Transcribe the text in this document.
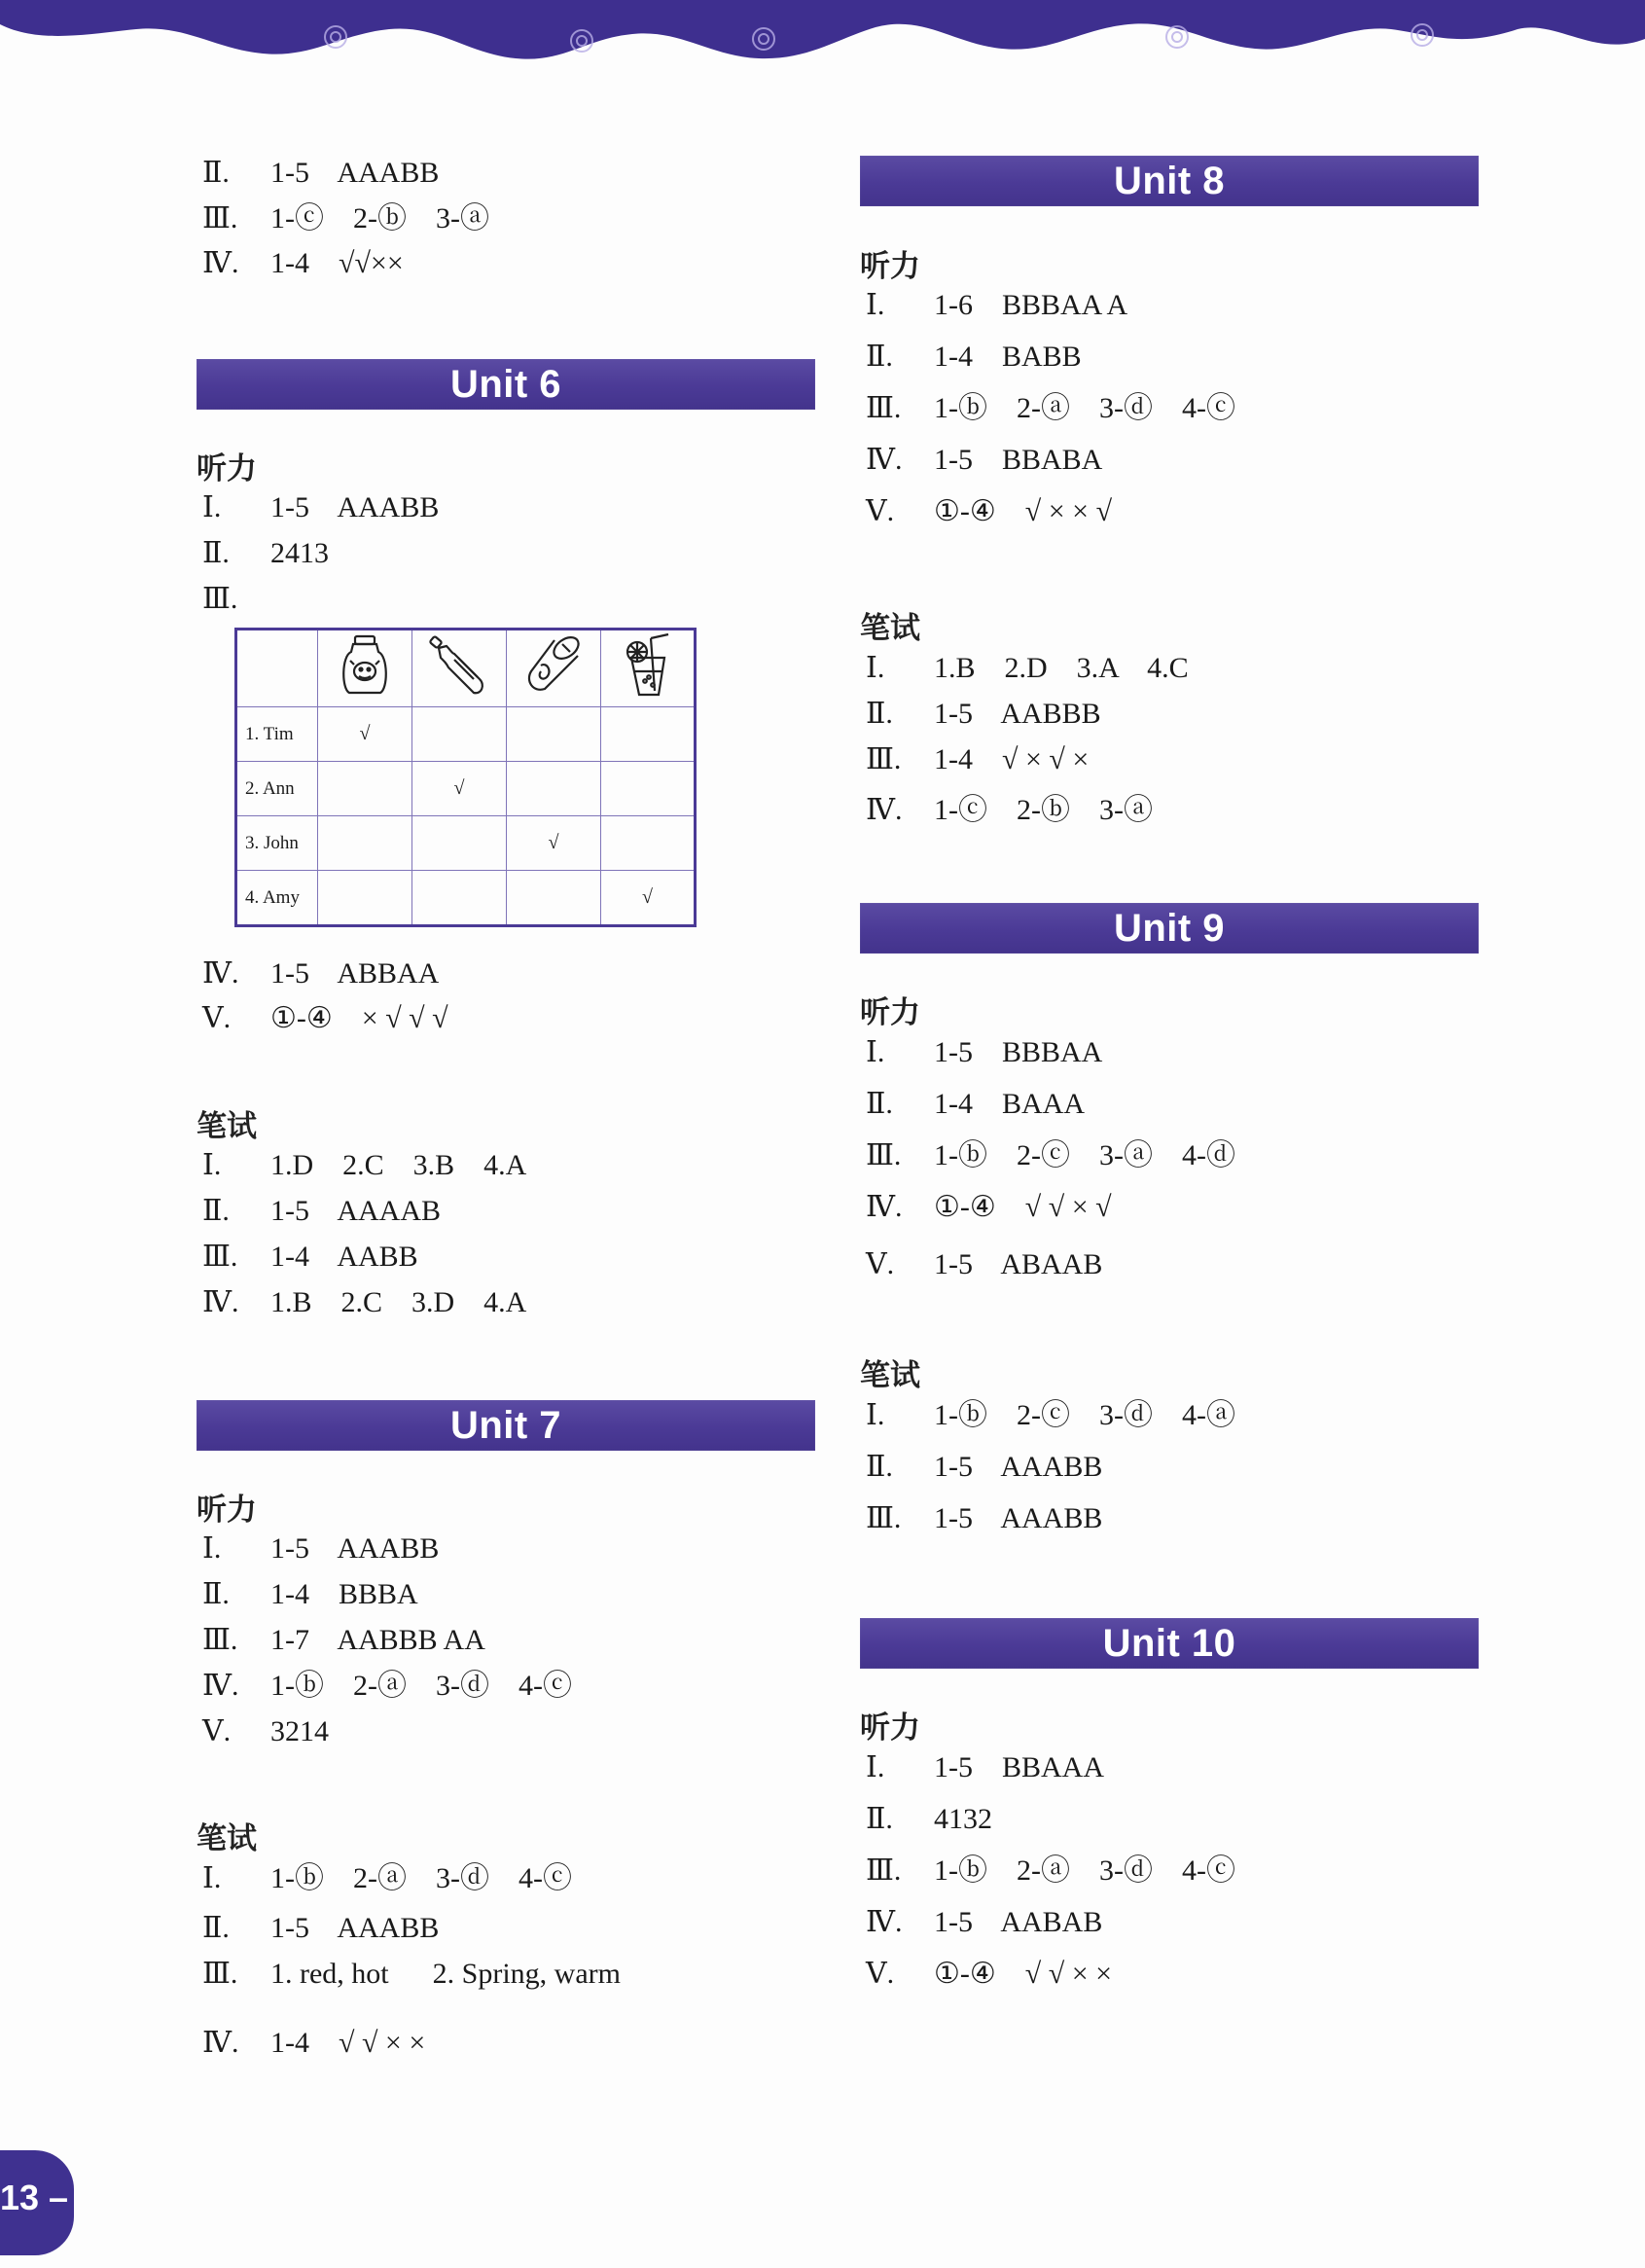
Ⅱ. 1-5    AAABB
Ⅲ. 1-ⓒ    2-ⓑ    3-ⓐ
Ⅳ. 1-4    √√××
Unit 6
听力
Ⅰ. 1-5    AAABB
Ⅱ. 2413
Ⅲ.

1. Tim	√			
2. Ann		√		
3. John			√	
4. Amy				√
Ⅳ. 1-5    ABBAA
Ⅴ. ①-④    × √ √ √
笔试
Ⅰ. 1.D    2.C    3.B    4.A
Ⅱ. 1-5    AAAAB
Ⅲ. 1-4    AABB
Ⅳ. 1.B    2.C    3.D    4.A
Unit 7
听力
Ⅰ. 1-5    AAABB
Ⅱ. 1-4    BBBA
Ⅲ. 1-7    AABBB AA
Ⅳ. 1-ⓑ    2-ⓐ    3-ⓓ    4-ⓒ
Ⅴ. 3214
笔试
Ⅰ. 1-ⓑ    2-ⓐ    3-ⓓ    4-ⓒ
Ⅱ. 1-5    AAABB
Ⅲ. 1. red, hot      2. Spring, warm
Ⅳ. 1-4    √ √ × ×
Unit 8
听力
Ⅰ. 1-6    BBBAA A
Ⅱ. 1-4    BABB
Ⅲ. 1-ⓑ    2-ⓐ    3-ⓓ    4-ⓒ
Ⅳ. 1-5    BBABA
Ⅴ. ①-④    √ × × √
笔试
Ⅰ. 1.B    2.D    3.A    4.C
Ⅱ. 1-5    AABBB
Ⅲ. 1-4    √ × √ ×
Ⅳ. 1-ⓒ    2-ⓑ    3-ⓐ
Unit 9
听力
Ⅰ. 1-5    BBBAA
Ⅱ. 1-4    BAAA
Ⅲ. 1-ⓑ    2-ⓒ    3-ⓐ    4-ⓓ
Ⅳ. ①-④    √ √ × √
Ⅴ. 1-5    ABAAB
笔试
Ⅰ. 1-ⓑ    2-ⓒ    3-ⓓ    4-ⓐ
Ⅱ. 1-5    AAABB
Ⅲ. 1-5    AAABB
Unit 10
听力
Ⅰ. 1-5    BBAAA
Ⅱ. 4132
Ⅲ. 1-ⓑ    2-ⓐ    3-ⓓ    4-ⓒ
Ⅳ. 1-5    AABAB
Ⅴ. ①-④    √ √ × ×
13 –
